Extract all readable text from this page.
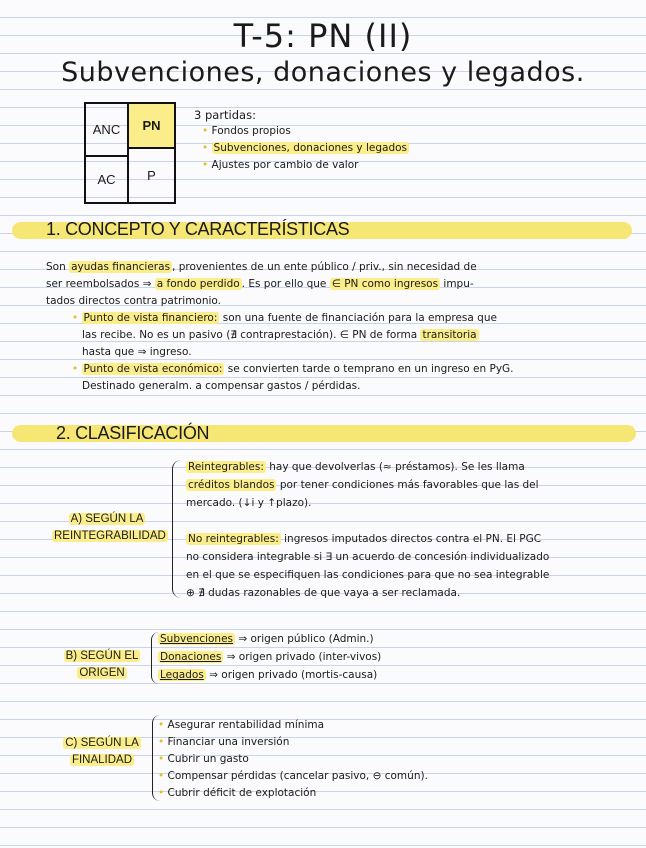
T-5: PN (II)
Subvenciones, donaciones y legados.
ANC	PN
P
AC
3 partidas:
• Fondos propios
• Subvenciones, donaciones y legados
• Ajustes por cambio de valor
1. CONCEPTO Y CARACTERÍSTICAS
Son ayudas financieras , provenientes de un ente público / priv., sin necesidad de
ser reembolsados ⇒ a fondo perdido . Es por ello que ∈ PN como ingresos impu-
tados directos contra patrimonio.
• Punto de vista financiero: son una fuente de financiación para la empresa que
las recibe. No es un pasivo (∄ contraprestación). ∈ PN de forma transitoria
hasta que ⇒ ingreso.
• Punto de vista económico: se convierten tarde o temprano en un ingreso en PyG.
Destinado generalm. a compensar gastos / pérdidas.
2. CLASIFICACIÓN
A) SEGÚN LA
REINTEGRABILIDAD
Reintegrables: hay que devolverlas (≈ préstamos). Se les llama
créditos blandos por tener condiciones más favorables que las del
mercado. (↓i y ↑plazo).
No reintegrables: ingresos imputados directos contra el PN. El PGC
no considera integrable si ∃ un acuerdo de concesión individualizado
en el que se especifiquen las condiciones para que no sea integrable
⊕ ∄ dudas razonables de que vaya a ser reclamada.
B) SEGÚN EL
ORIGEN
Subvenciones ⇒ origen público (Admin.)
Donaciones ⇒ origen privado (inter-vivos)
Legados ⇒ origen privado (mortis-causa)
C) SEGÚN LA
FINALIDAD
• Asegurar rentabilidad mínima
• Financiar una inversión
• Cubrir un gasto
• Compensar pérdidas (cancelar pasivo, ⊖ común).
• Cubrir déficit de explotación
